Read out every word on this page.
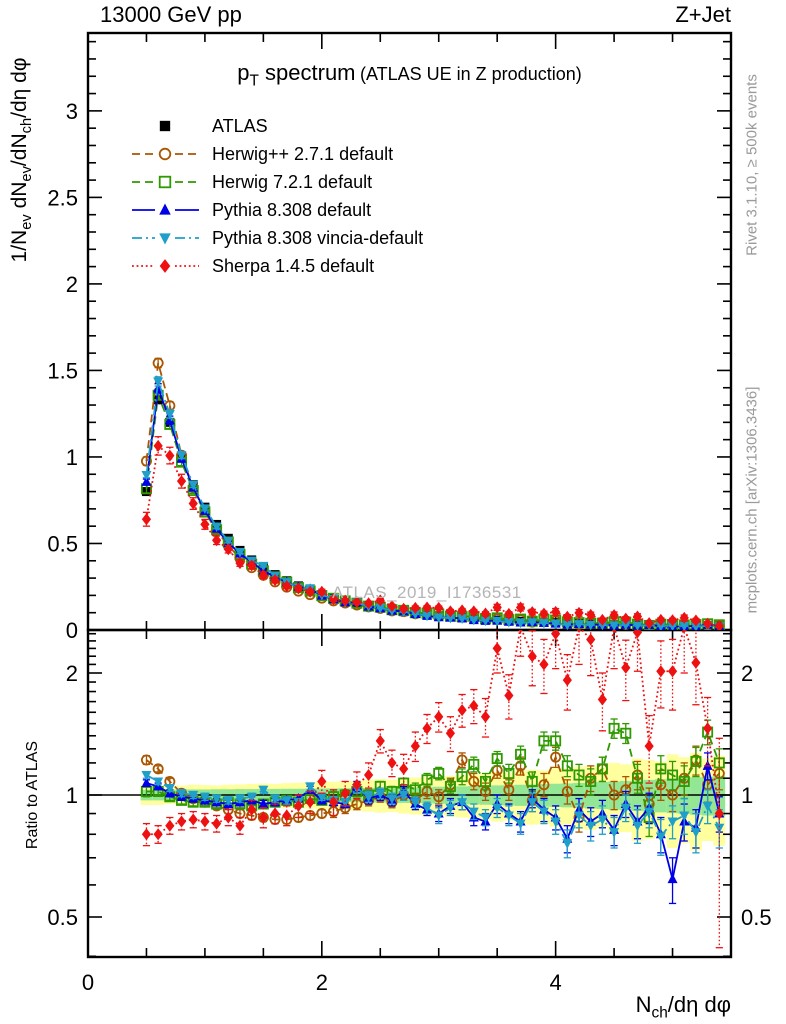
0
0.5
1
1.5
2
2.5
3
0	2	4
0.5	0.5
1	1
2	2
13000 GeV pp	Z+Jet
$p_T$ spectrum (ATLAS UE in Z production)
$1/N_{ev}$ $dN_{ev}/dN_{ch}/d\eta$ dφ
Ratio to ATLAS
$N_{ch}/d\eta$ dφ
ATLAS_2019_I1736531
Rivet 3.1.10, ≥ 500k events
mcplots.cern.ch [arXiv:1306.3436]
ATLAS
Herwig++ 2.7.1 default
Herwig 7.2.1 default
Pythia 8.308 default
Pythia 8.308 vincia-default
Sherpa 1.4.5 default
